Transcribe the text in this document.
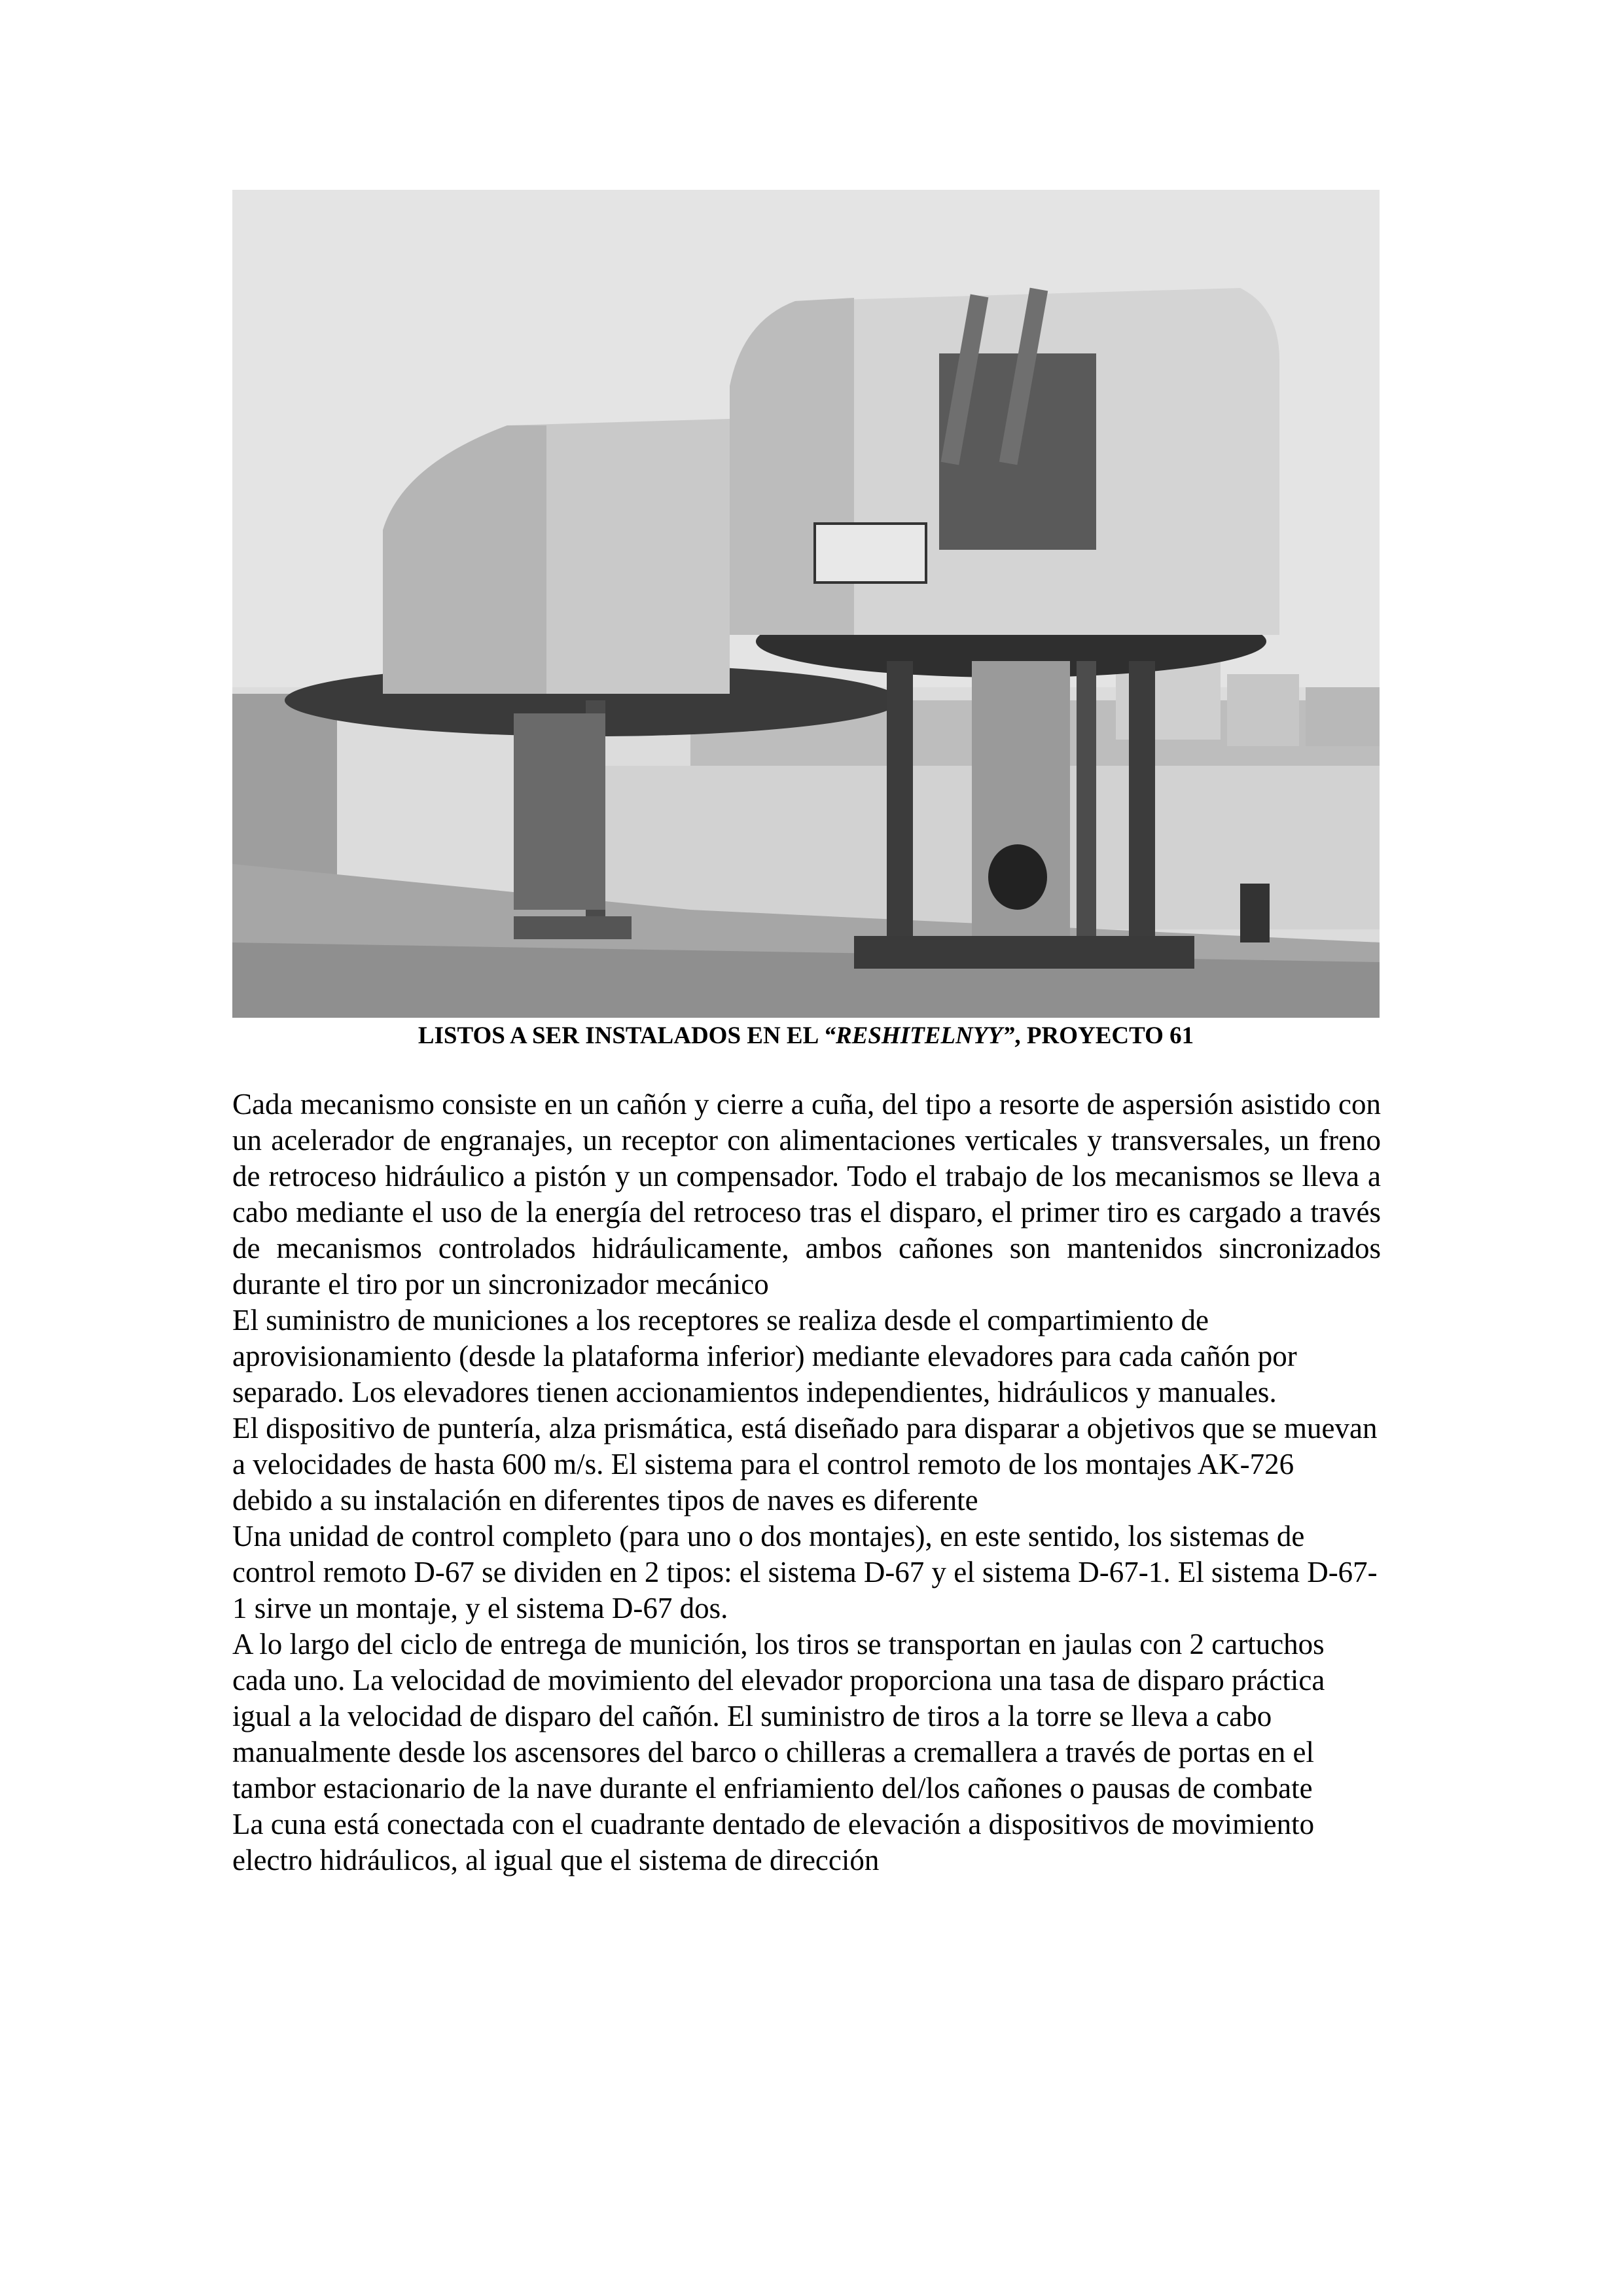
LISTOS A SER INSTALADOS EN EL “RESHITELNYY”, PROYECTO 61

Cada mecanismo consiste en un cañón y cierre a cuña, del tipo a resorte de aspersión asistido con un acelerador de engranajes, un receptor con alimentaciones verticales y transversales, un freno de retroceso hidráulico a pistón y un compensador. Todo el trabajo de los mecanismos se lleva a cabo mediante el uso de la energía del retroceso tras el disparo, el primer tiro es cargado a través de mecanismos controlados hidráulicamente, ambos cañones son mantenidos sincronizados durante el tiro por un sincronizador mecánico

El suministro de municiones a los receptores se realiza desde el compartimiento de aprovisionamiento (desde la plataforma inferior) mediante elevadores para cada cañón por separado. Los elevadores tienen accionamientos independientes, hidráulicos y manuales.

El dispositivo de puntería, alza prismática, está diseñado para disparar a objetivos que se muevan a velocidades de hasta 600 m/s. El sistema para el control remoto de los montajes AK-726 debido a su instalación en diferentes tipos de naves es diferente

Una unidad de control completo (para uno o dos montajes), en este sentido, los sistemas de control remoto D-67 se dividen en 2 tipos: el sistema D-67 y el sistema D-67-1. El sistema D-67-1 sirve un montaje, y el sistema D-67 dos.

A lo largo del ciclo de entrega de munición, los tiros se transportan en jaulas con 2 cartuchos cada uno. La velocidad de movimiento del elevador proporciona una tasa de disparo práctica igual a la velocidad de disparo del cañón. El suministro de tiros a la torre se lleva a cabo manualmente desde los ascensores del barco o chilleras a cremallera a través de portas en el tambor estacionario de la nave durante el enfriamiento del/los cañones o pausas de combate

La cuna está conectada con el cuadrante dentado de elevación a dispositivos de movimiento electro hidráulicos, al igual que el sistema de dirección
